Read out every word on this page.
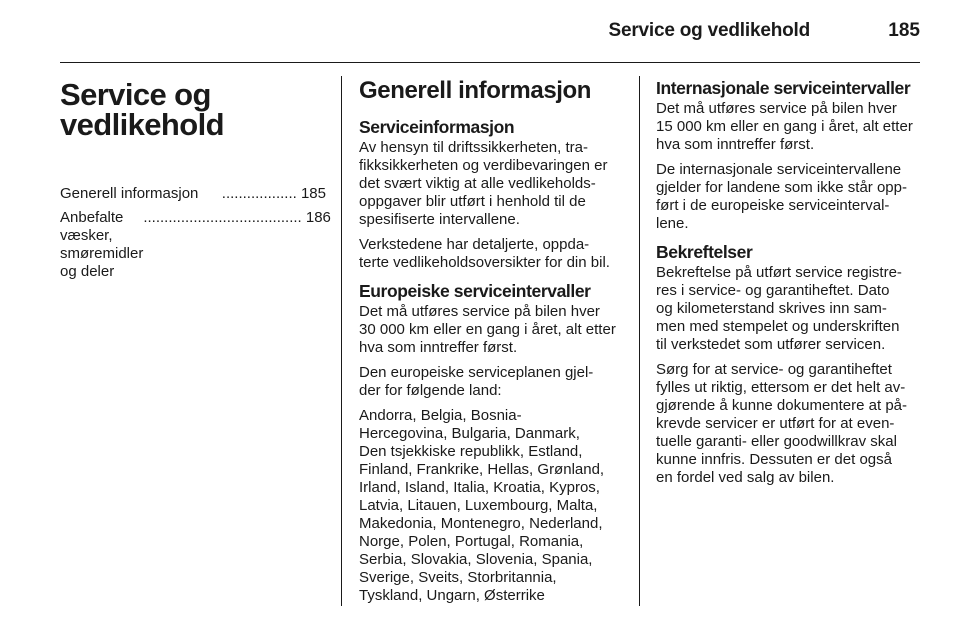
Service og vedlikehold	185
Service og
vedlikehold
Generell informasjon	.................. 185
Anbefalte væsker, smøremidler
og deler
...................................... 186
Generell informasjon
Serviceinformasjon

Av hensyn til driftssikkerheten, tra-
fikksikkerheten og verdibevaringen er
det svært viktig at alle vedlikeholds-
oppgaver blir utført i henhold til de
spesifiserte intervallene.

Verkstedene har detaljerte, oppda-
terte vedlikeholdsoversikter for din bil.

Europeiske serviceintervaller

Det må utføres service på bilen hver
30 000 km eller en gang i året, alt etter
hva som inntreffer først.

Den europeiske serviceplanen gjel-
der for følgende land:

Andorra, Belgia, Bosnia-
Hercegovina, Bulgaria, Danmark,
Den tsjekkiske republikk, Estland,
Finland, Frankrike, Hellas, Grønland,
Irland, Island, Italia, Kroatia, Kypros,
Latvia, Litauen, Luxembourg, Malta,
Makedonia, Montenegro, Nederland,
Norge, Polen, Portugal, Romania,
Serbia, Slovakia, Slovenia, Spania,
Sverige, Sveits, Storbritannia,
Tyskland, Ungarn, Østerrike

Internasjonale serviceintervaller

Det må utføres service på bilen hver
15 000 km eller en gang i året, alt etter
hva som inntreffer først.

De internasjonale serviceintervallene
gjelder for landene som ikke står opp-
ført i de europeiske serviceinterval-
lene.

Bekreftelser

Bekreftelse på utført service registre-
res i service- og garantiheftet. Dato
og kilometerstand skrives inn sam-
men med stempelet og underskriften
til verkstedet som utfører servicen.

Sørg for at service- og garantiheftet
fylles ut riktig, ettersom er det helt av-
gjørende å kunne dokumentere at på-
krevde servicer er utført for at even-
tuelle garanti- eller goodwillkrav skal
kunne innfris. Dessuten er det også
en fordel ved salg av bilen.
